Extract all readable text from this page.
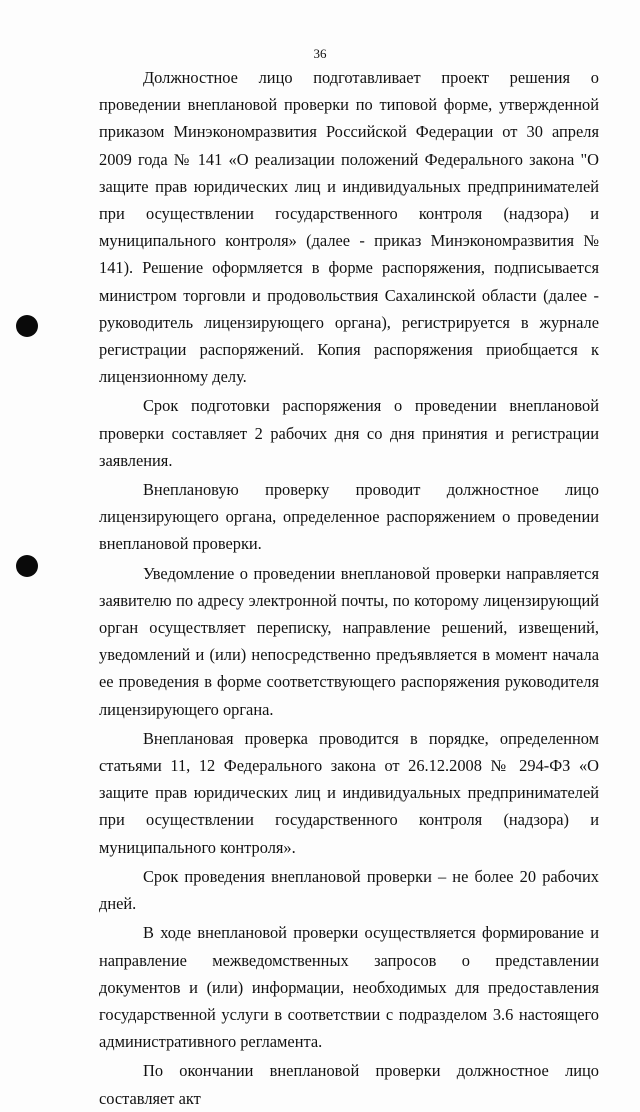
36

Должностное лицо подготавливает проект решения о проведении внеплановой проверки по типовой форме, утвержденной приказом Минэкономразвития Российской Федерации от 30 апреля 2009 года № 141 «О реализации положений Федерального закона "О защите прав юридических лиц и индивидуальных предпринимателей при осуществлении государственного контроля (надзора) и муниципального контроля» (далее - приказ Минэкономразвития № 141). Решение оформляется в форме распоряжения, подписывается министром торговли и продовольствия Сахалинской области (далее - руководитель лицензирующего органа), регистрируется в журнале регистрации распоряжений. Копия распоряжения приобщается к лицензионному делу.

Срок подготовки распоряжения о проведении внеплановой проверки составляет 2 рабочих дня со дня принятия и регистрации заявления.

Внеплановую проверку проводит должностное лицо лицензирующего органа, определенное распоряжением о проведении внеплановой проверки.

Уведомление о проведении внеплановой проверки направляется заявителю по адресу электронной почты, по которому лицензирующий орган осуществляет переписку, направление решений, извещений, уведомлений и (или) непосредственно предъявляется в момент начала ее проведения в форме соответствующего распоряжения руководителя лицензирующего органа.

Внеплановая проверка проводится в порядке, определенном статьями 11, 12 Федерального закона от 26.12.2008 № 294-ФЗ «О защите прав юридических лиц и индивидуальных предпринимателей при осуществлении государственного контроля (надзора) и муниципального контроля».

Срок проведения внеплановой проверки – не более 20 рабочих дней.

В ходе внеплановой проверки осуществляется формирование и направление межведомственных запросов о представлении документов и (или) информации, необходимых для предоставления государственной услуги в соответствии с подразделом 3.6 настоящего административного регламента.

По окончании внеплановой проверки должностное лицо составляет акт
